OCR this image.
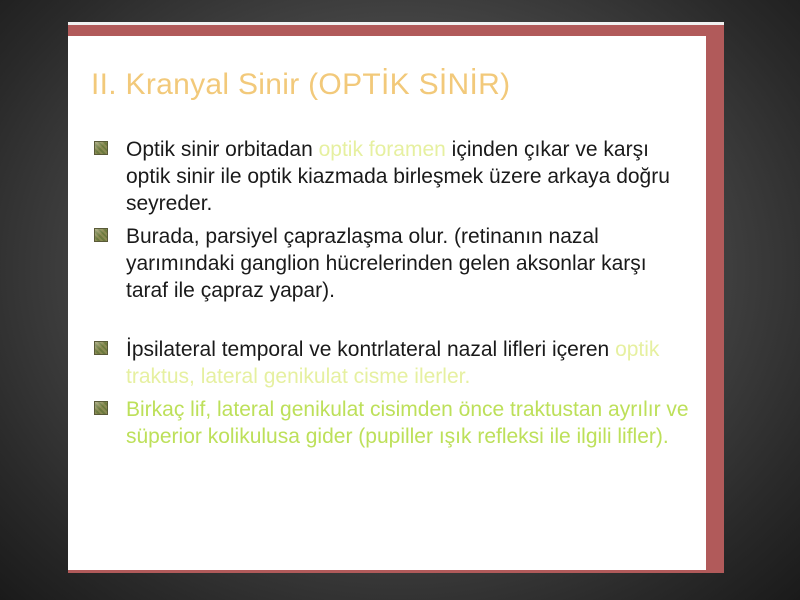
II. Kranyal Sinir (OPTİK SİNİR)
Optik sinir orbitadan optik foramen içinden çıkar ve karşı optik sinir ile optik kiazmada birleşmek üzere arkaya doğru seyreder.
Burada, parsiyel çaprazlaşma olur. (retinanın nazal yarımındaki ganglion hücrelerinden gelen aksonlar karşı taraf ile çapraz yapar).
İpsilateral temporal ve kontrlateral nazal lifleri içeren optik traktus, lateral genikulat cisme ilerler.
Birkaç lif, lateral genikulat cisimden önce traktustan ayrılır ve süperior kolikulusa gider (pupiller ışık refleksi ile ilgili lifler).
